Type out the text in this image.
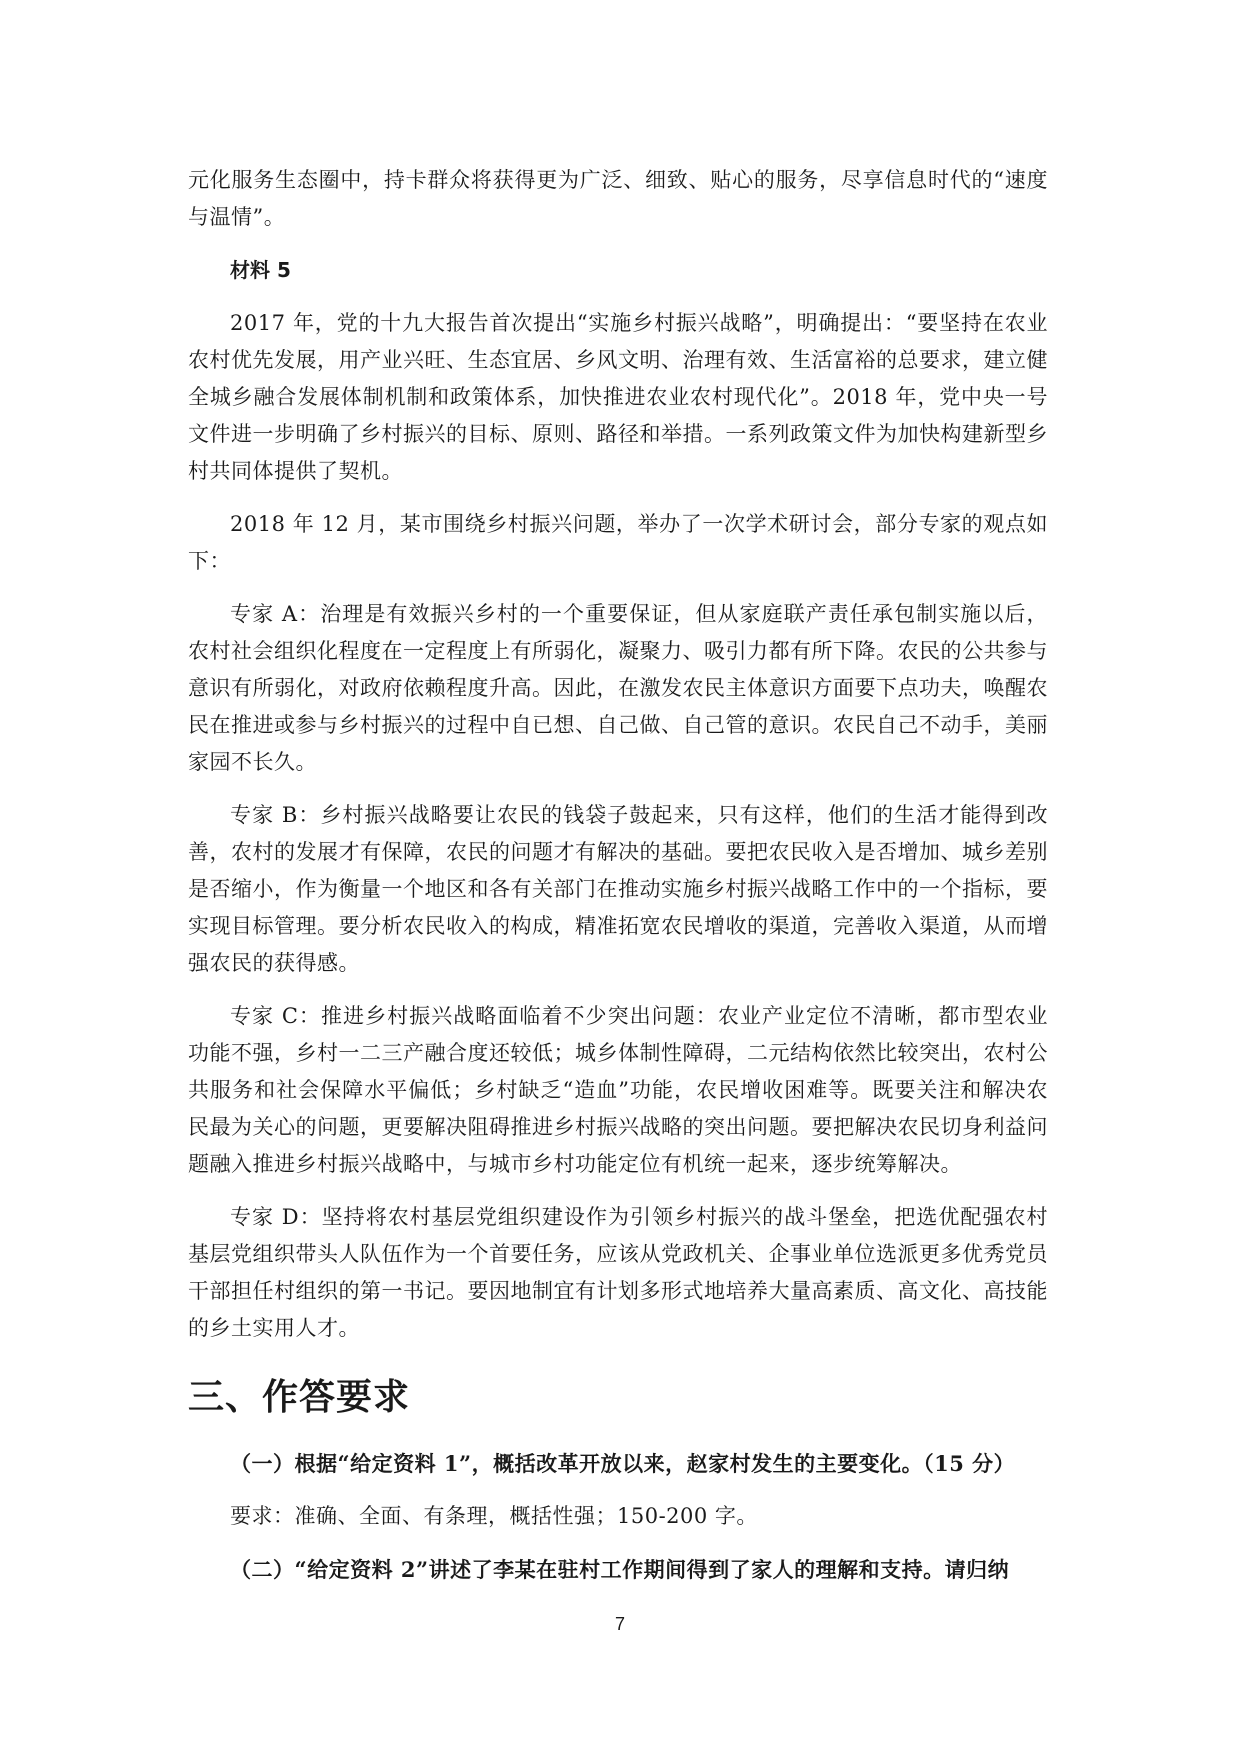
元化服务生态圈中，持卡群众将获得更为广泛、细致、贴心的服务，尽享信息时代的“速度与温情”。

材料 5

2017 年，党的十九大报告首次提出“实施乡村振兴战略”，明确提出：“要坚持在农业农村优先发展，用产业兴旺、生态宜居、乡风文明、治理有效、生活富裕的总要求，建立健全城乡融合发展体制机制和政策体系，加快推进农业农村现代化”。2018 年，党中央一号文件进一步明确了乡村振兴的目标、原则、路径和举措。一系列政策文件为加快构建新型乡村共同体提供了契机。

2018 年 12 月，某市围绕乡村振兴问题，举办了一次学术研讨会，部分专家的观点如下：

专家 A：治理是有效振兴乡村的一个重要保证，但从家庭联产责任承包制实施以后，农村社会组织化程度在一定程度上有所弱化，凝聚力、吸引力都有所下降。农民的公共参与意识有所弱化，对政府依赖程度升高。因此，在激发农民主体意识方面要下点功夫，唤醒农民在推进或参与乡村振兴的过程中自已想、自己做、自己管的意识。农民自己不动手，美丽家园不长久。

专家 B：乡村振兴战略要让农民的钱袋子鼓起来，只有这样，他们的生活才能得到改善，农村的发展才有保障，农民的问题才有解决的基础。要把农民收入是否增加、城乡差别是否缩小，作为衡量一个地区和各有关部门在推动实施乡村振兴战略工作中的一个指标，要实现目标管理。要分析农民收入的构成，精准拓宽农民增收的渠道，完善收入渠道，从而增强农民的获得感。

专家 C：推进乡村振兴战略面临着不少突出问题：农业产业定位不清晰，都市型农业功能不强，乡村一二三产融合度还较低；城乡体制性障碍，二元结构依然比较突出，农村公共服务和社会保障水平偏低；乡村缺乏“造血”功能，农民增收困难等。既要关注和解决农民最为关心的问题，更要解决阻碍推进乡村振兴战略的突出问题。要把解决农民切身利益问题融入推进乡村振兴战略中，与城市乡村功能定位有机统一起来，逐步统筹解决。

专家 D：坚持将农村基层党组织建设作为引领乡村振兴的战斗堡垒，把选优配强农村基层党组织带头人队伍作为一个首要任务，应该从党政机关、企事业单位选派更多优秀党员干部担任村组织的第一书记。要因地制宜有计划多形式地培养大量高素质、高文化、高技能的乡土实用人才。

三、作答要求

（一）根据“给定资料 1”，概括改革开放以来，赵家村发生的主要变化。（15 分）

要求：准确、全面、有条理，概括性强；150-200 字。

（二）“给定资料 2”讲述了李某在驻村工作期间得到了家人的理解和支持。请归纳

7
